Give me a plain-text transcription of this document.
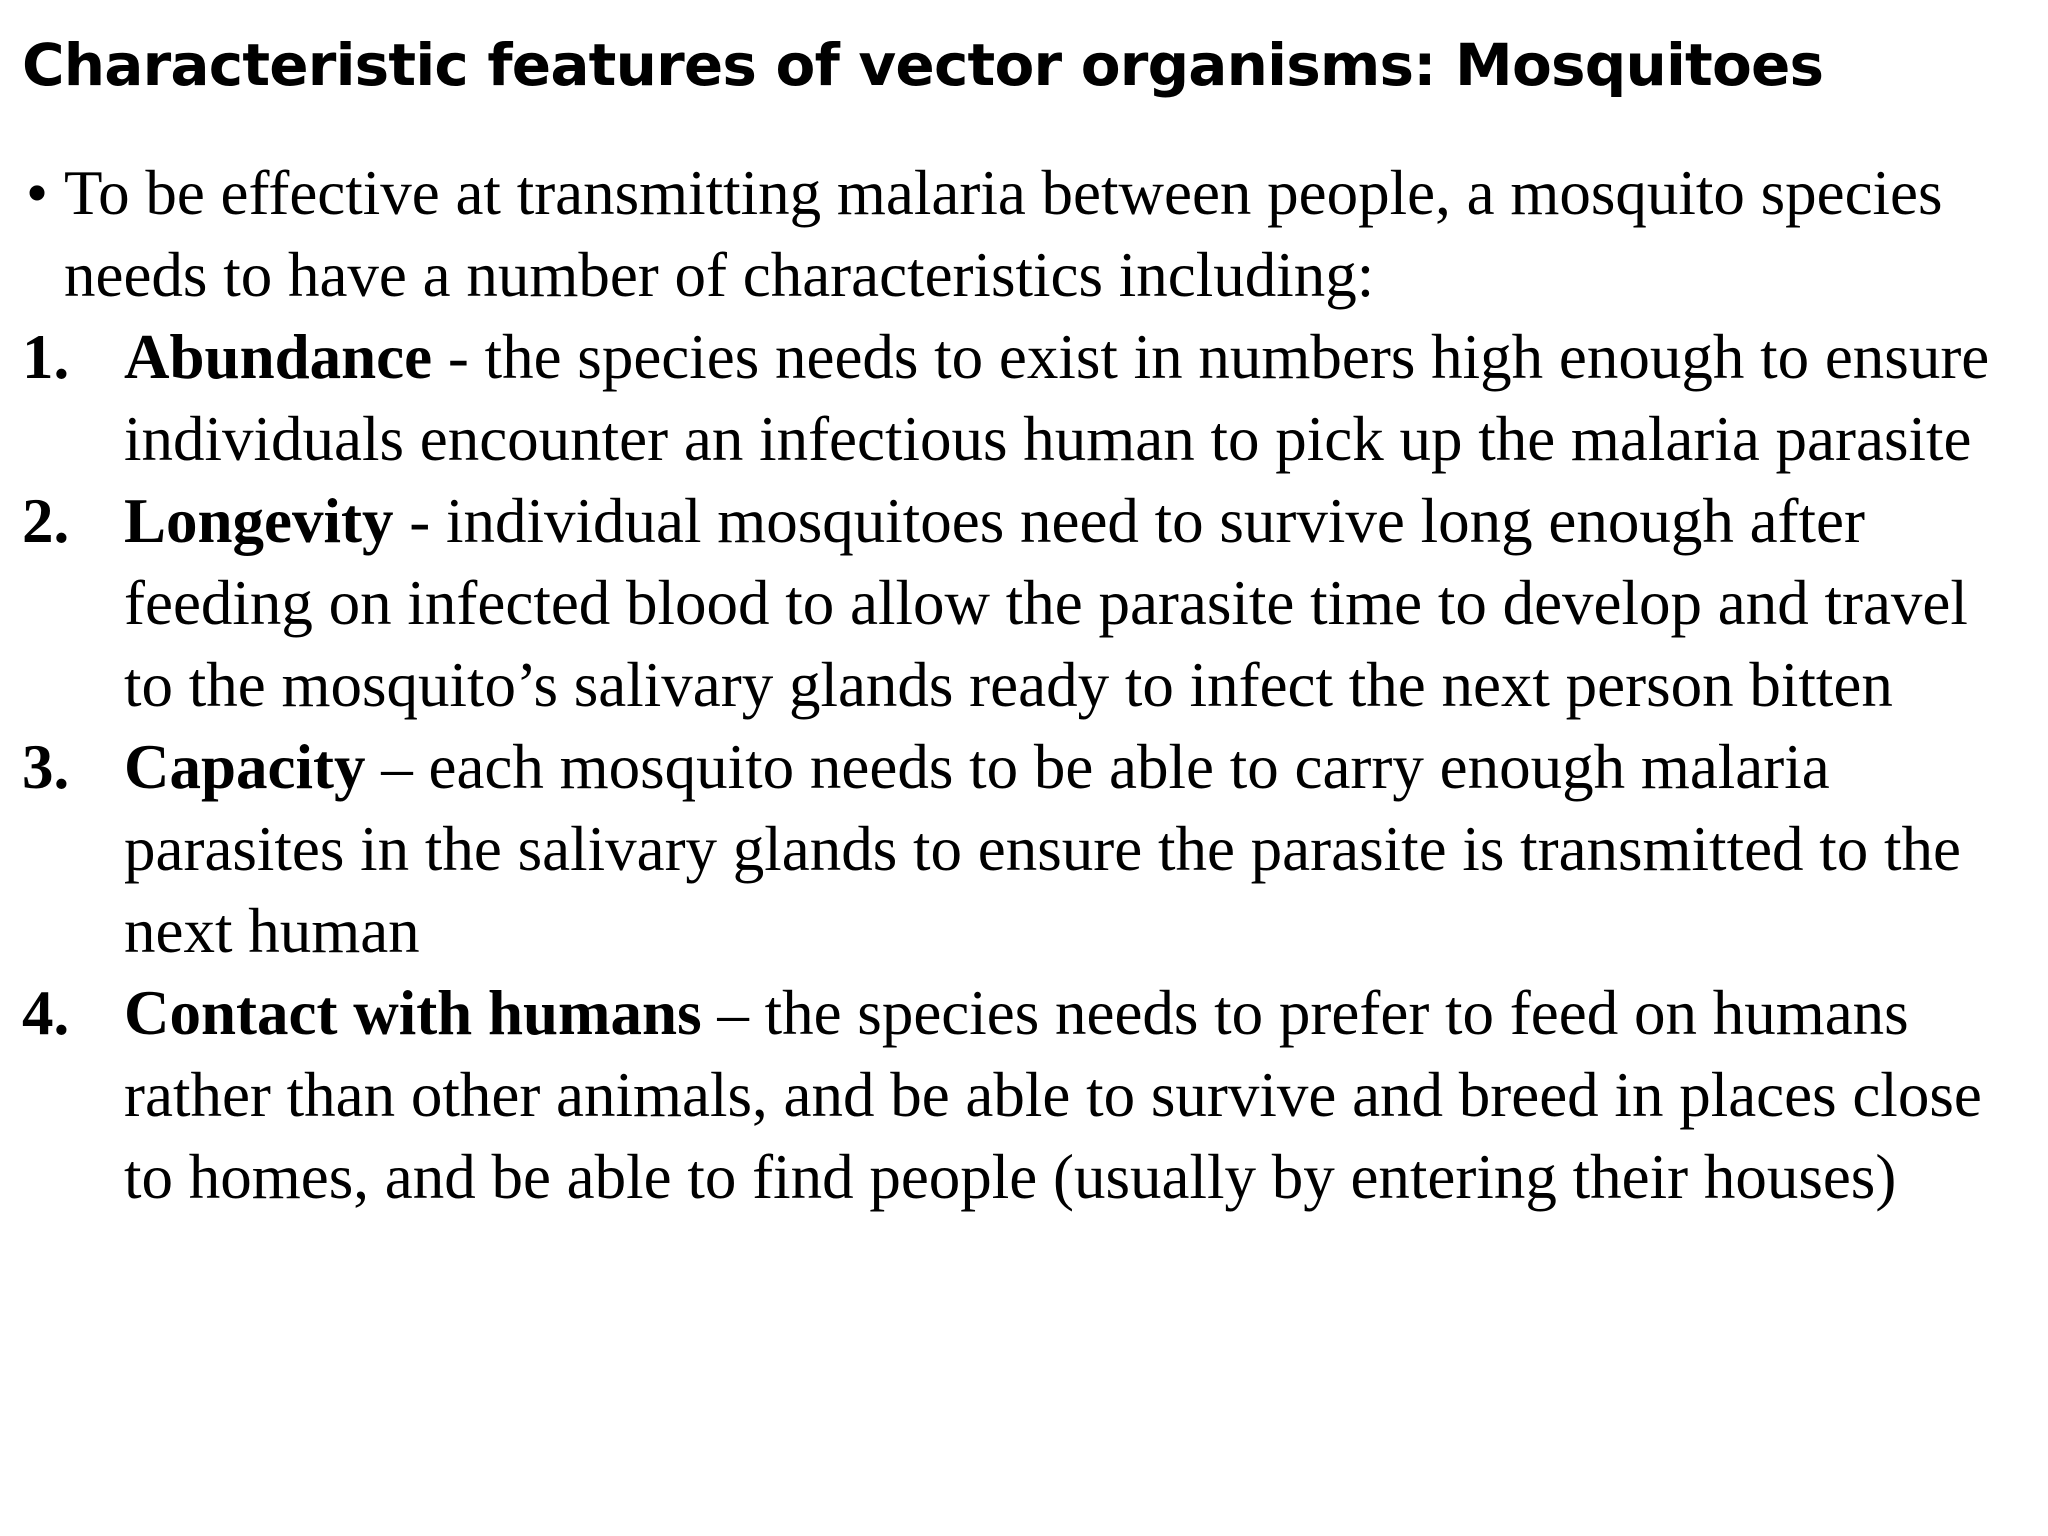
Characteristic features of vector organisms: Mosquitoes

• To be effective at transmitting malaria between people, a mosquito species needs to have a number of characteristics including:

1. Abundance - the species needs to exist in numbers high enough to ensure individuals encounter an infectious human to pick up the malaria parasite
2. Longevity - individual mosquitoes need to survive long enough after feeding on infected blood to allow the parasite time to develop and travel to the mosquito’s salivary glands ready to infect the next person bitten
3. Capacity – each mosquito needs to be able to carry enough malaria parasites in the salivary glands to ensure the parasite is transmitted to the next human
4. Contact with humans – the species needs to prefer to feed on humans rather than other animals, and be able to survive and breed in places close to homes, and be able to find people (usually by entering their houses)
